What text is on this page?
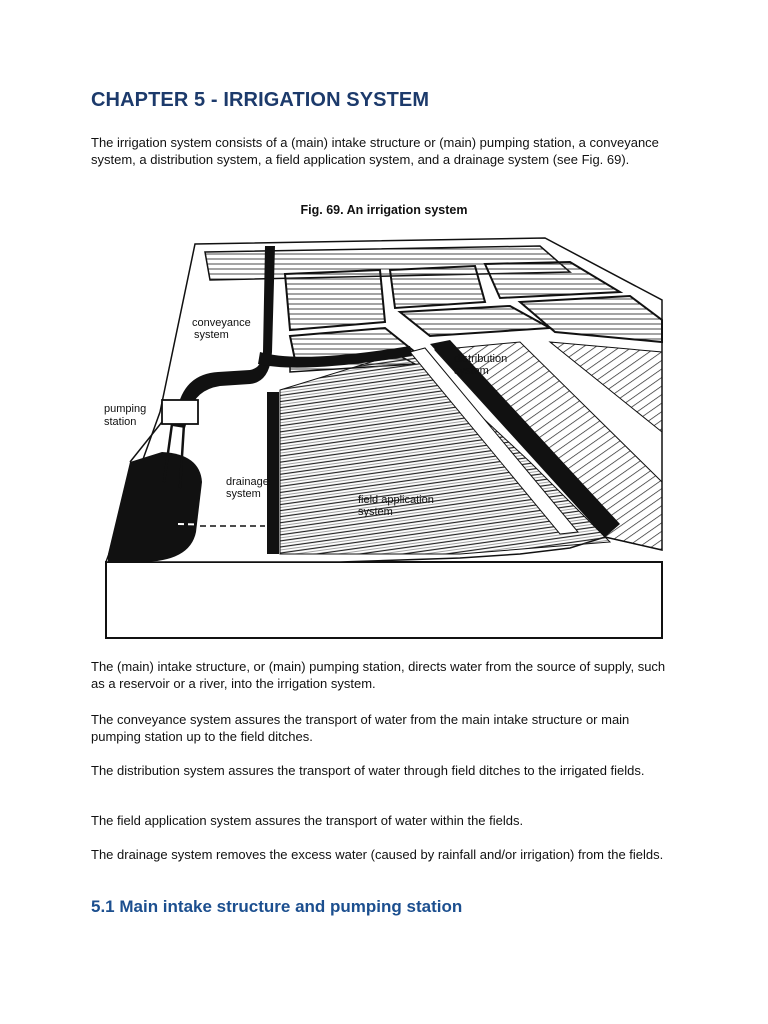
CHAPTER 5 - IRRIGATION SYSTEM

The irrigation system consists of a (main) intake structure or (main) pumping station, a conveyance system, a distribution system, a field application system, and a drainage system (see Fig. 69).

Fig. 69. An irrigation system

conveyance
system
pumping
station
drainage
system	field application
system
distribution
system

The (main) intake structure, or (main) pumping station, directs water from the source of supply, such as a reservoir or a river, into the irrigation system.

The conveyance system assures the transport of water from the main intake structure or main pumping station up to the field ditches.

The distribution system assures the transport of water through field ditches to the irrigated fields.

The field application system assures the transport of water within the fields.

The drainage system removes the excess water (caused by rainfall and/or irrigation) from the fields.

5.1 Main intake structure and pumping station
